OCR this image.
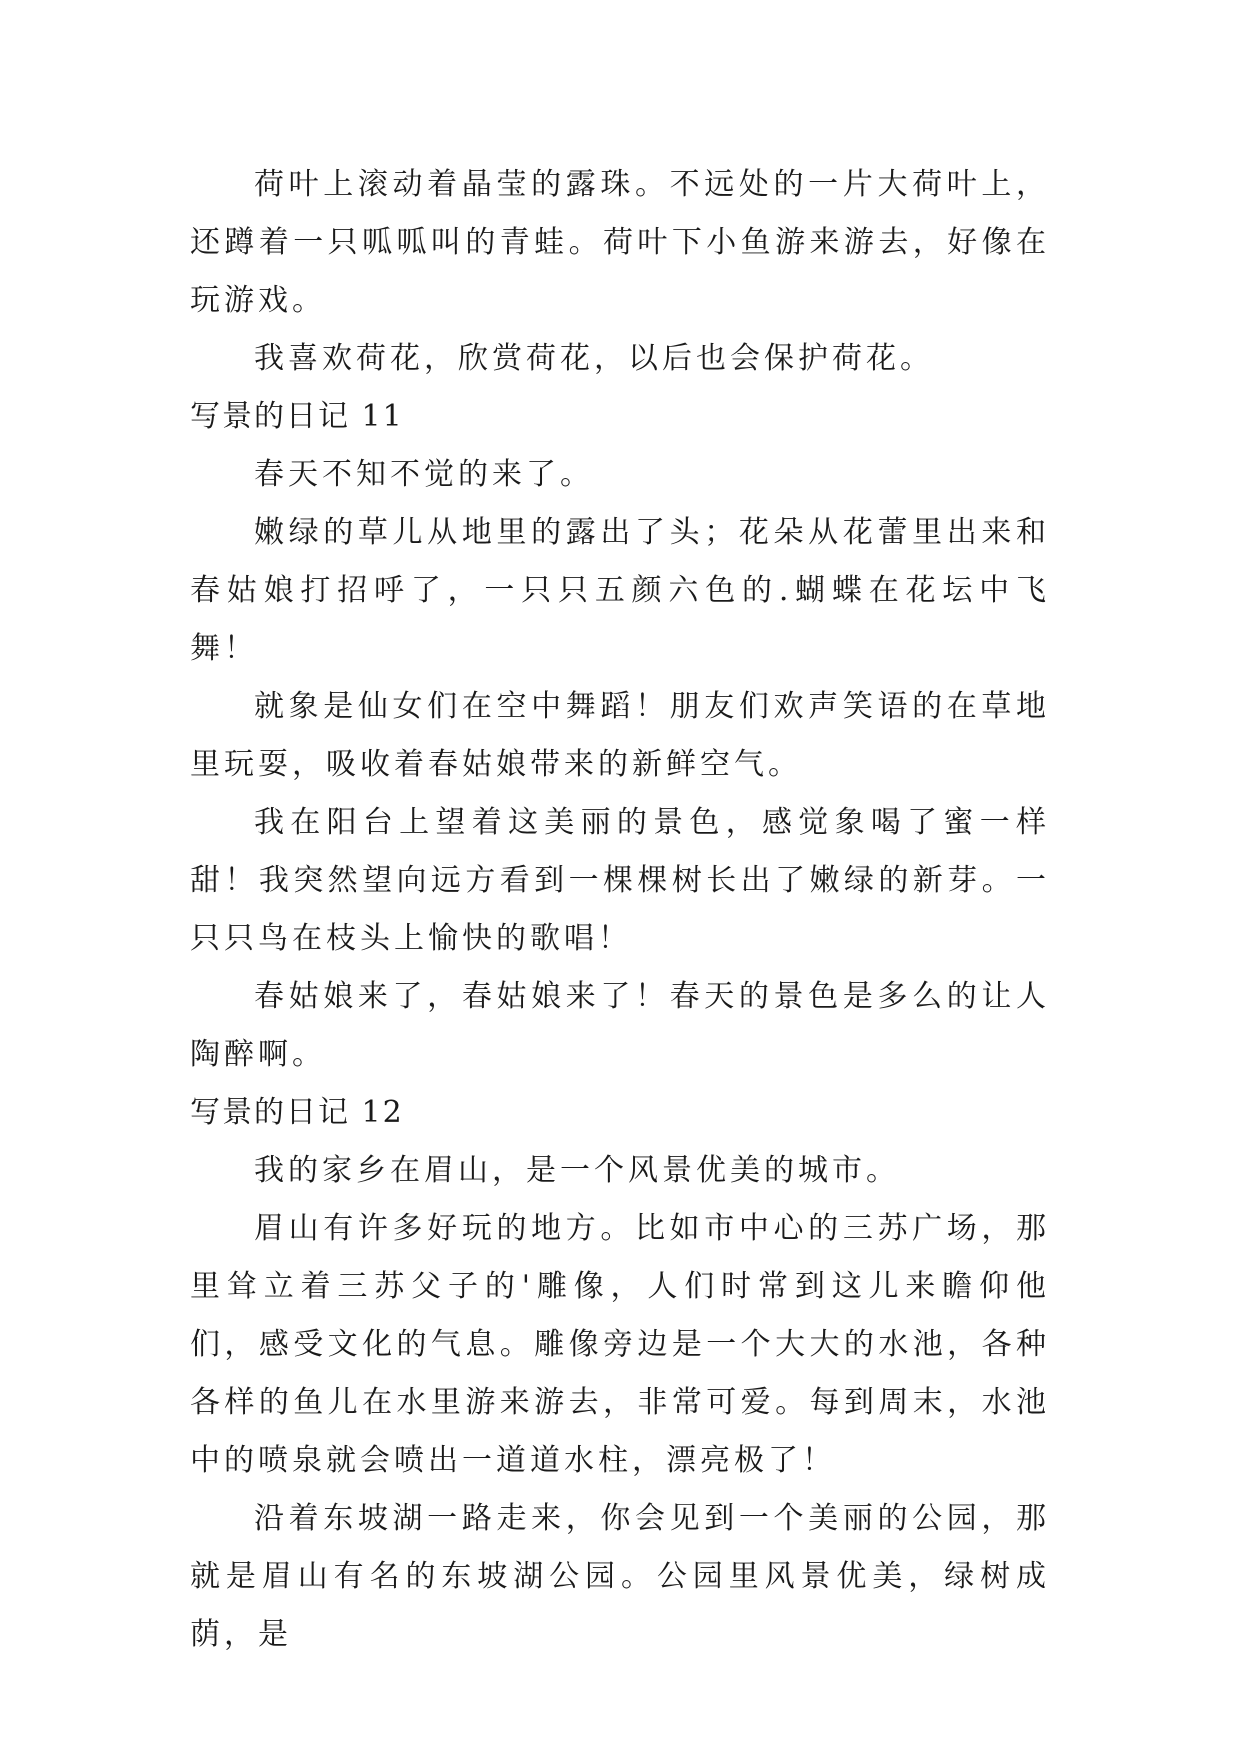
荷叶上滚动着晶莹的露珠。不远处的一片大荷叶上，还蹲着一只呱呱叫的青蛙。荷叶下小鱼游来游去，好像在玩游戏。

我喜欢荷花，欣赏荷花，以后也会保护荷花。

写景的日记 11

春天不知不觉的来了。

嫩绿的草儿从地里的露出了头；花朵从花蕾里出来和春姑娘打招呼了，一只只五颜六色的.蝴蝶在花坛中飞舞！

就象是仙女们在空中舞蹈！朋友们欢声笑语的在草地里玩耍，吸收着春姑娘带来的新鲜空气。

我在阳台上望着这美丽的景色，感觉象喝了蜜一样甜！我突然望向远方看到一棵棵树长出了嫩绿的新芽。一只只鸟在枝头上愉快的歌唱！

春姑娘来了，春姑娘来了！春天的景色是多么的让人陶醉啊。

写景的日记 12

我的家乡在眉山，是一个风景优美的城市。

眉山有许多好玩的地方。比如市中心的三苏广场，那里耸立着三苏父子的'雕像，人们时常到这儿来瞻仰他们，感受文化的气息。雕像旁边是一个大大的水池，各种各样的鱼儿在水里游来游去，非常可爱。每到周末，水池中的喷泉就会喷出一道道水柱，漂亮极了！

沿着东坡湖一路走来，你会见到一个美丽的公园，那就是眉山有名的东坡湖公园。公园里风景优美，绿树成荫，是
